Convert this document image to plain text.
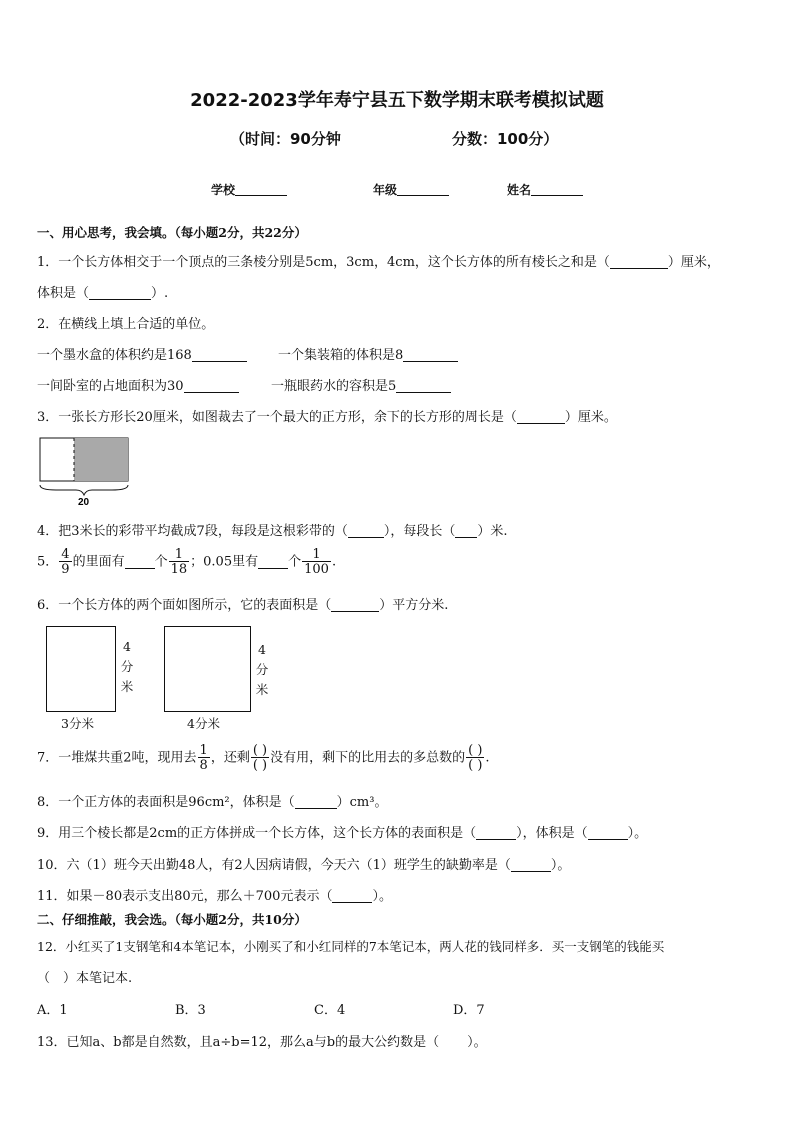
2022-2023学年寿宁县五下数学期末联考模拟试题
（时间：90分钟	分数：100分）
学校	年级	姓名
一、用心思考，我会填。（每小题2分，共22分）
1．一个长方体相交于一个顶点的三条棱分别是5cm，3cm，4cm，这个长方体的所有棱长之和是（	）厘米，
体积是（	）.
2．在横线上填上合适的单位。
一个墨水盒的体积约是168	一个集装箱的体积是8
一间卧室的占地面积为30	一瓶眼药水的容积是5
3．一张长方形长20厘米，如图裁去了一个最大的正方形，余下的长方形的周长是（	）厘米。
20
4．把3米长的彩带平均截成7段，每段是这根彩带的（	），每段长（ ）米.
5． $\frac{4}{9}$ 的里面有 个 $\frac{1}{18}$ ；0.05里有 个 $\frac{1}{100}$ .
6．一个长方体的两个面如图所示，它的表面积是（	）平方分米.
4
分
米
3分米
4
分
米
4分米
7．一堆煤共重2吨，现用去 $\frac{1}{8}$ ，还剩 $\frac{( )}{( )}$ 没有用，剩下的比用去的多总数的 $\frac{( )}{( )}$ .
8．一个正方体的表面积是96cm²，体积是（	）cm³。
9．用三个棱长都是2cm的正方体拼成一个长方体，这个长方体的表面积是（	），体积是（	）。
10．六（1）班今天出勤48人，有2人因病请假，今天六（1）班学生的缺勤率是（	）。
11．如果－80表示支出80元，那么＋700元表示（	）。
二、仔细推敲，我会选。（每小题2分，共10分）
12．小红买了1支钢笔和4本笔记本，小刚买了和小红同样的7本笔记本，两人花的钱同样多．买一支钢笔的钱能买
（　）本笔记本.
A．1	B．3	C．4	D．7
13．已知a、b都是自然数，且a÷b=12，那么a与b的最大公约数是（ ）。
